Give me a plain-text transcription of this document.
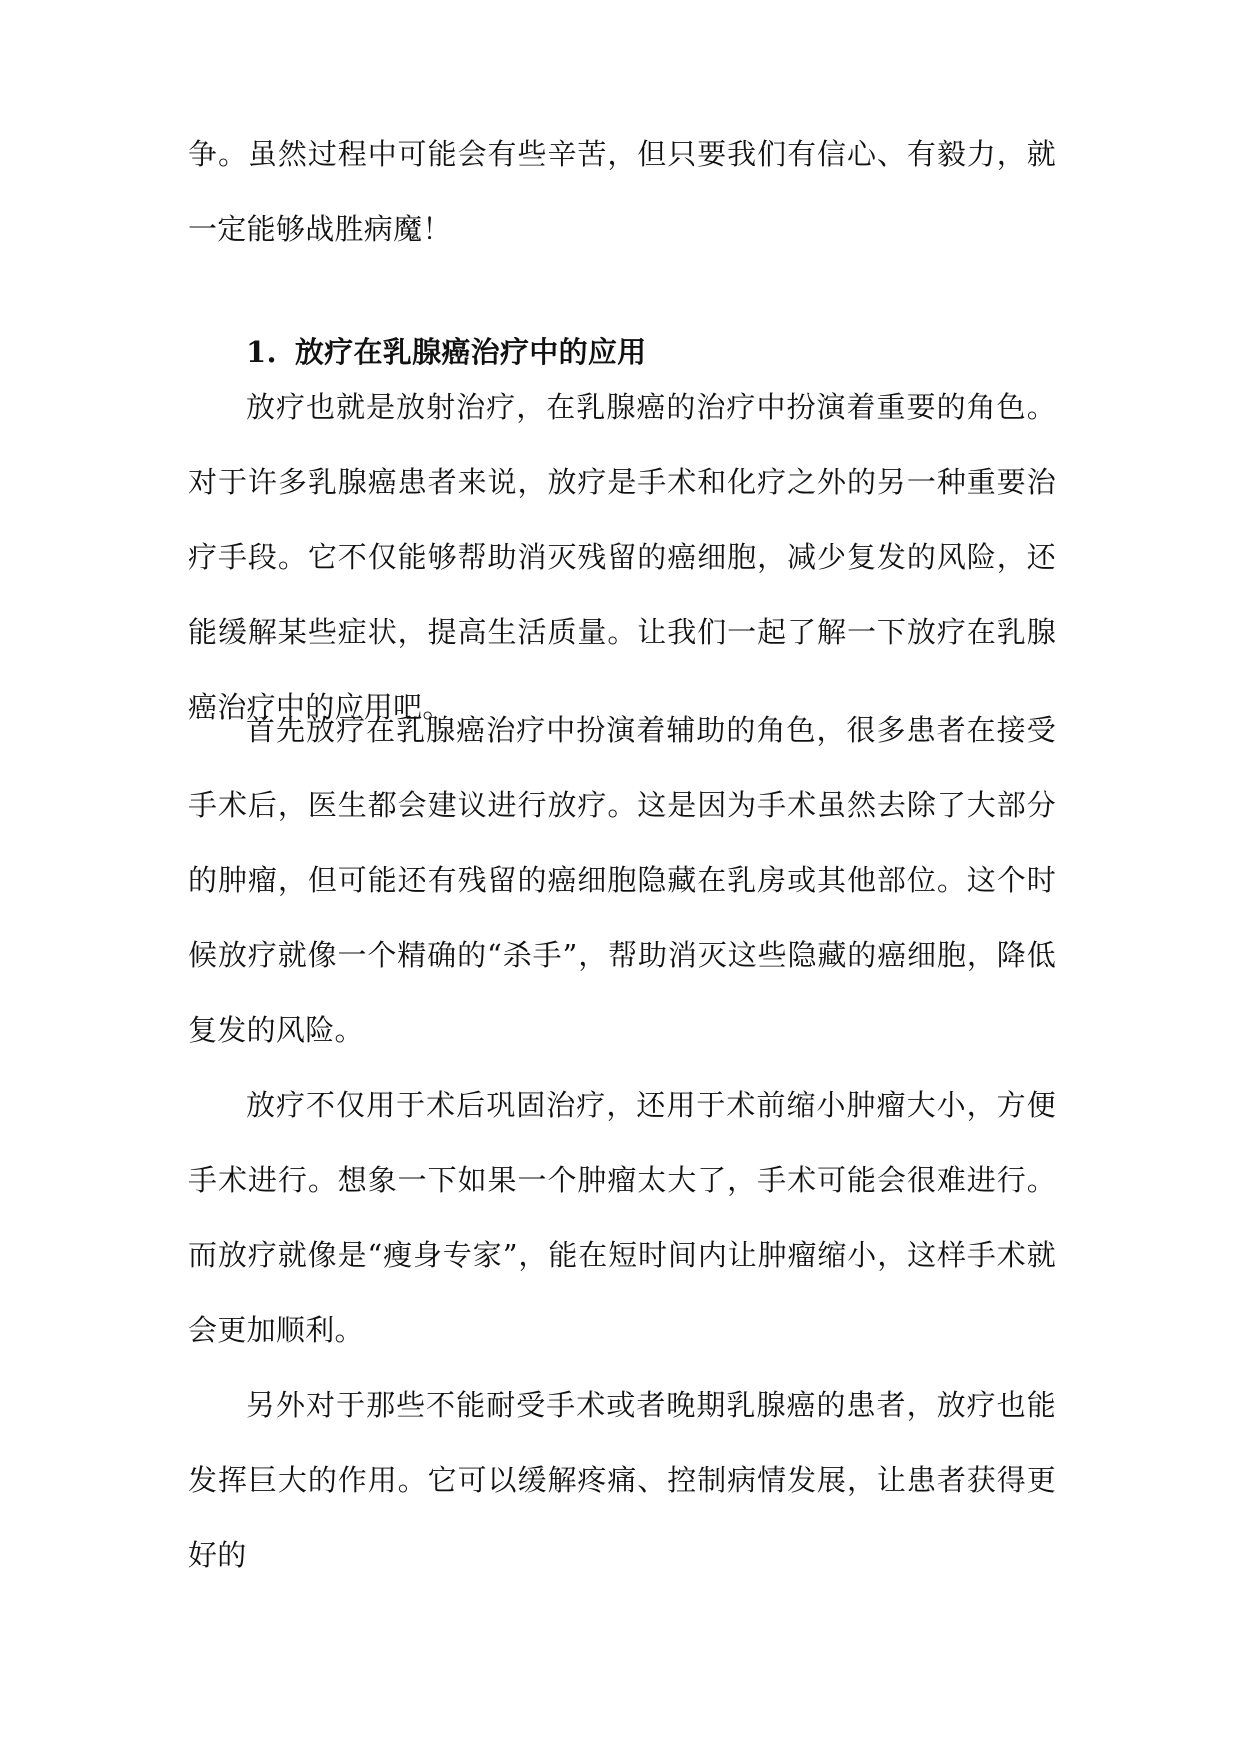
争。虽然过程中可能会有些辛苦，但只要我们有信心、有毅力，就一定能够战胜病魔！

1. 放疗在乳腺癌治疗中的应用

放疗也就是放射治疗，在乳腺癌的治疗中扮演着重要的角色。对于许多乳腺癌患者来说，放疗是手术和化疗之外的另一种重要治疗手段。它不仅能够帮助消灭残留的癌细胞，减少复发的风险，还能缓解某些症状，提高生活质量。让我们一起了解一下放疗在乳腺癌治疗中的应用吧。

首先放疗在乳腺癌治疗中扮演着辅助的角色，很多患者在接受手术后，医生都会建议进行放疗。这是因为手术虽然去除了大部分的肿瘤，但可能还有残留的癌细胞隐藏在乳房或其他部位。这个时候放疗就像一个精确的“杀手”，帮助消灭这些隐藏的癌细胞，降低复发的风险。

放疗不仅用于术后巩固治疗，还用于术前缩小肿瘤大小，方便手术进行。想象一下如果一个肿瘤太大了，手术可能会很难进行。而放疗就像是“瘦身专家”，能在短时间内让肿瘤缩小，这样手术就会更加顺利。

另外对于那些不能耐受手术或者晚期乳腺癌的患者，放疗也能发挥巨大的作用。它可以缓解疼痛、控制病情发展，让患者获得更好的
